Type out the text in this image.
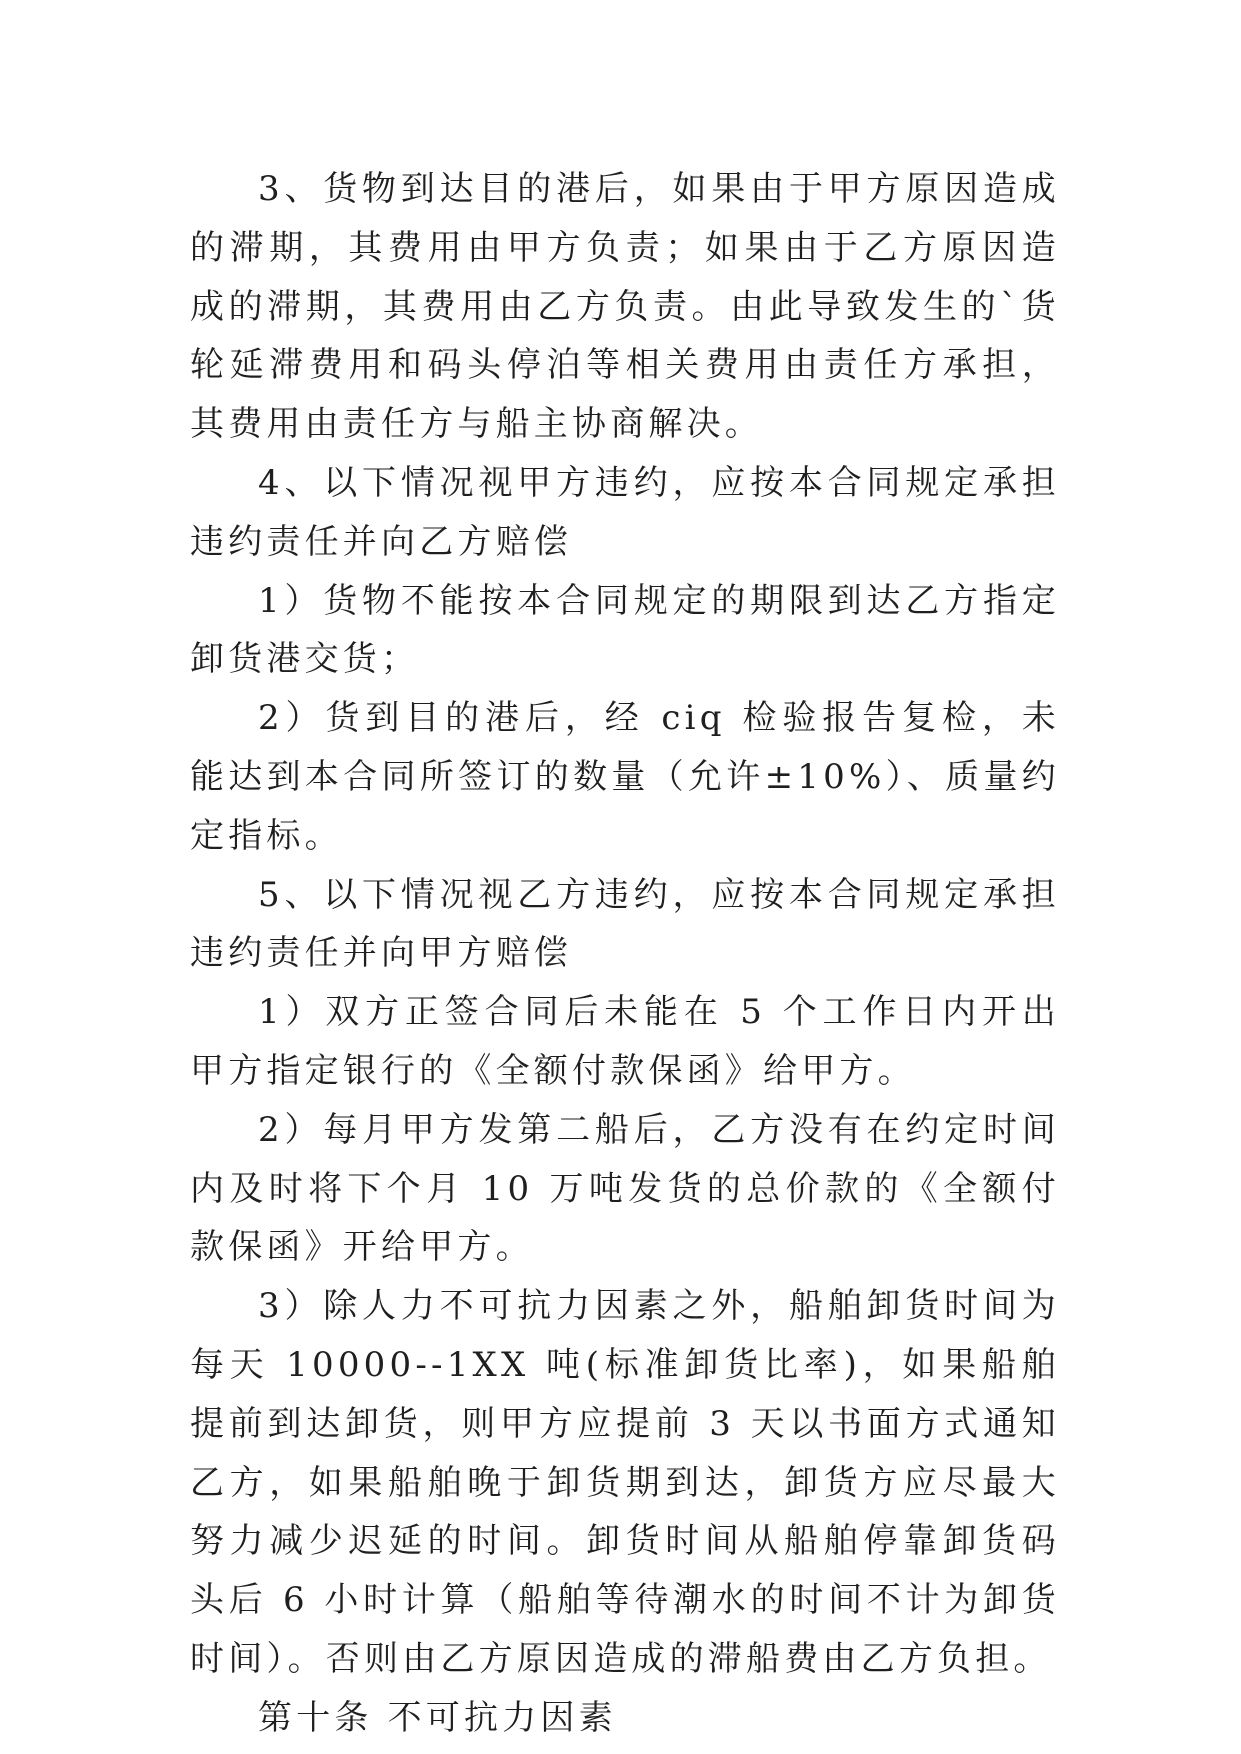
3、货物到达目的港后，如果由于甲方原因造成的滞期，其费用由甲方负责；如果由于乙方原因造成的滞期，其费用由乙方负责。由此导致发生的`货轮延滞费用和码头停泊等相关费用由责任方承担，其费用由责任方与船主协商解决。

4、以下情况视甲方违约，应按本合同规定承担违约责任并向乙方赔偿

1）货物不能按本合同规定的期限到达乙方指定卸货港交货；

2）货到目的港后，经 ciq 检验报告复检，未能达到本合同所签订的数量（允许±10%）、质量约定指标。

5、以下情况视乙方违约，应按本合同规定承担违约责任并向甲方赔偿

1）双方正签合同后未能在 5 个工作日内开出甲方指定银行的《全额付款保函》给甲方。

2）每月甲方发第二船后，乙方没有在约定时间内及时将下个月 10 万吨发货的总价款的《全额付款保函》开给甲方。

3）除人力不可抗力因素之外，船舶卸货时间为每天 10000--1XX 吨(标准卸货比率)，如果船舶提前到达卸货，则甲方应提前 3 天以书面方式通知乙方，如果船舶晚于卸货期到达，卸货方应尽最大努力减少迟延的时间。卸货时间从船舶停靠卸货码头后 6 小时计算（船舶等待潮水的时间不计为卸货时间）。否则由乙方原因造成的滞船费由乙方负担。

第十条 不可抗力因素
